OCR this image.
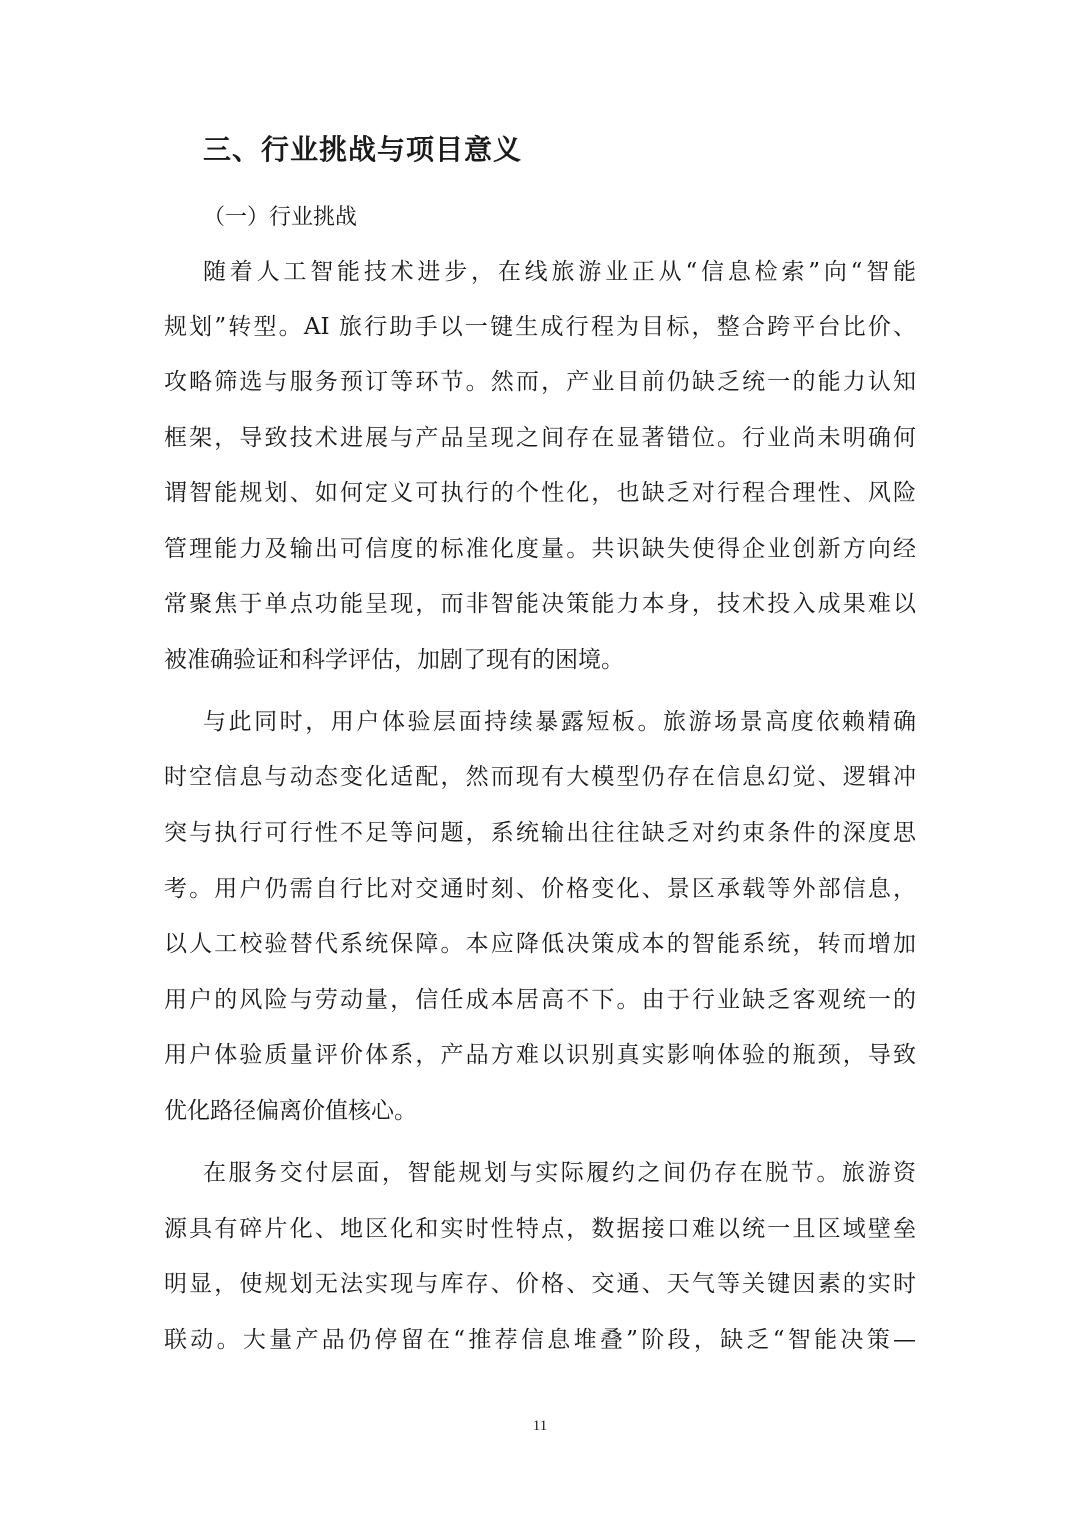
三、行业挑战与项目意义
（一）行业挑战
随着人工智能技术进步，在线旅游业正从“信息检索”向“智能
规划”转型。AI 旅行助手以一键生成行程为目标，整合跨平台比价、
攻略筛选与服务预订等环节。然而，产业目前仍缺乏统一的能力认知
框架，导致技术进展与产品呈现之间存在显著错位。行业尚未明确何
谓智能规划、如何定义可执行的个性化，也缺乏对行程合理性、风险
管理能力及输出可信度的标准化度量。共识缺失使得企业创新方向经
常聚焦于单点功能呈现，而非智能决策能力本身，技术投入成果难以
被准确验证和科学评估，加剧了现有的困境。
与此同时，用户体验层面持续暴露短板。旅游场景高度依赖精确
时空信息与动态变化适配，然而现有大模型仍存在信息幻觉、逻辑冲
突与执行可行性不足等问题，系统输出往往缺乏对约束条件的深度思
考。用户仍需自行比对交通时刻、价格变化、景区承载等外部信息，
以人工校验替代系统保障。本应降低决策成本的智能系统，转而增加
用户的风险与劳动量，信任成本居高不下。由于行业缺乏客观统一的
用户体验质量评价体系，产品方难以识别真实影响体验的瓶颈，导致
优化路径偏离价值核心。
在服务交付层面，智能规划与实际履约之间仍存在脱节。旅游资
源具有碎片化、地区化和实时性特点，数据接口难以统一且区域壁垒
明显，使规划无法实现与库存、价格、交通、天气等关键因素的实时
联动。大量产品仍停留在“推荐信息堆叠”阶段，缺乏“智能决策—
11
